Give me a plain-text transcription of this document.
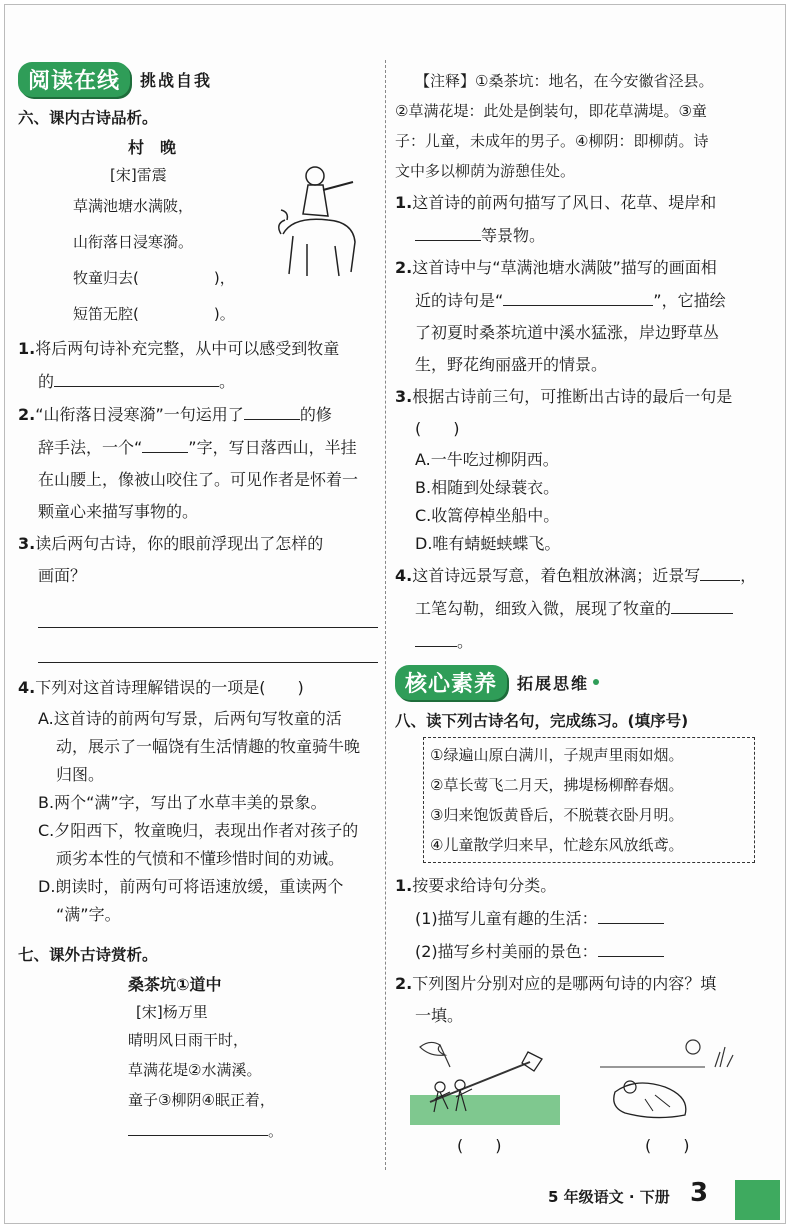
阅读在线	挑战自我
六、课内古诗品析。
村　晚
[宋]雷震
草满池塘水满陂，
山衔落日浸寒漪。
牧童归去(　　　　　)，
短笛无腔(　　　　　)。

1.将后两句诗补充完整，从中可以感受到牧童

的	。

2.“山衔落日浸寒漪”一句运用了	的修

辞手法，一个“	”字，写日落西山，半挂

在山腰上，像被山咬住了。可见作者是怀着一

颗童心来描写事物的。

3.读后两句古诗，你的眼前浮现出了怎样的

画面？

4.下列对这首诗理解错误的一项是(　　)

A.这首诗的前两句写景，后两句写牧童的活
动，展示了一幅饶有生活情趣的牧童骑牛晚
归图。
B.两个“满”字，写出了水草丰美的景象。
C.夕阳西下，牧童晚归，表现出作者对孩子的
顽劣本性的气愤和不懂珍惜时间的劝诫。
D.朗读时，前两句可将语速放缓，重读两个
“满”字。
七、课外古诗赏析。
桑茶坑①道中
[宋]杨万里
晴明风日雨干时，
草满花堤②水满溪。
童子③柳阴④眠正着，
。

【注释】①桑茶坑：地名，在今安徽省泾县。

②草满花堤：此处是倒装句，即花草满堤。③童

子：儿童，未成年的男子。④柳阴：即柳荫。诗

文中多以柳荫为游憩佳处。

1.这首诗的前两句描写了风日、花草、堤岸和

等景物。

2.这首诗中与“草满池塘水满陂”描写的画面相

近的诗句是“	”，它描绘

了初夏时桑茶坑道中溪水猛涨，岸边野草丛

生，野花绚丽盛开的情景。

3.根据古诗前三句，可推断出古诗的最后一句是

(　　)

A.一牛吃过柳阴西。
B.相随到处绿蓑衣。
C.收篙停棹坐船中。
D.唯有蜻蜓蛱蝶飞。

4.这首诗远景写意，着色粗放淋漓；近景写	，

工笔勾勒，细致入微，展现了牧童的

。

核心素养	拓展思维
八、读下列古诗名句，完成练习。(填序号)
①绿遍山原白满川，子规声里雨如烟。
②草长莺飞二月天，拂堤杨柳醉春烟。
③归来饱饭黄昏后，不脱蓑衣卧月明。
④儿童散学归来早，忙趁东风放纸鸢。

1.按要求给诗句分类。

(1)描写儿童有趣的生活：

(2)描写乡村美丽的景色：

2.下列图片分别对应的是哪两句诗的内容？填

一填。

(　　)	(　　)
5 年级语文 · 下册 3
